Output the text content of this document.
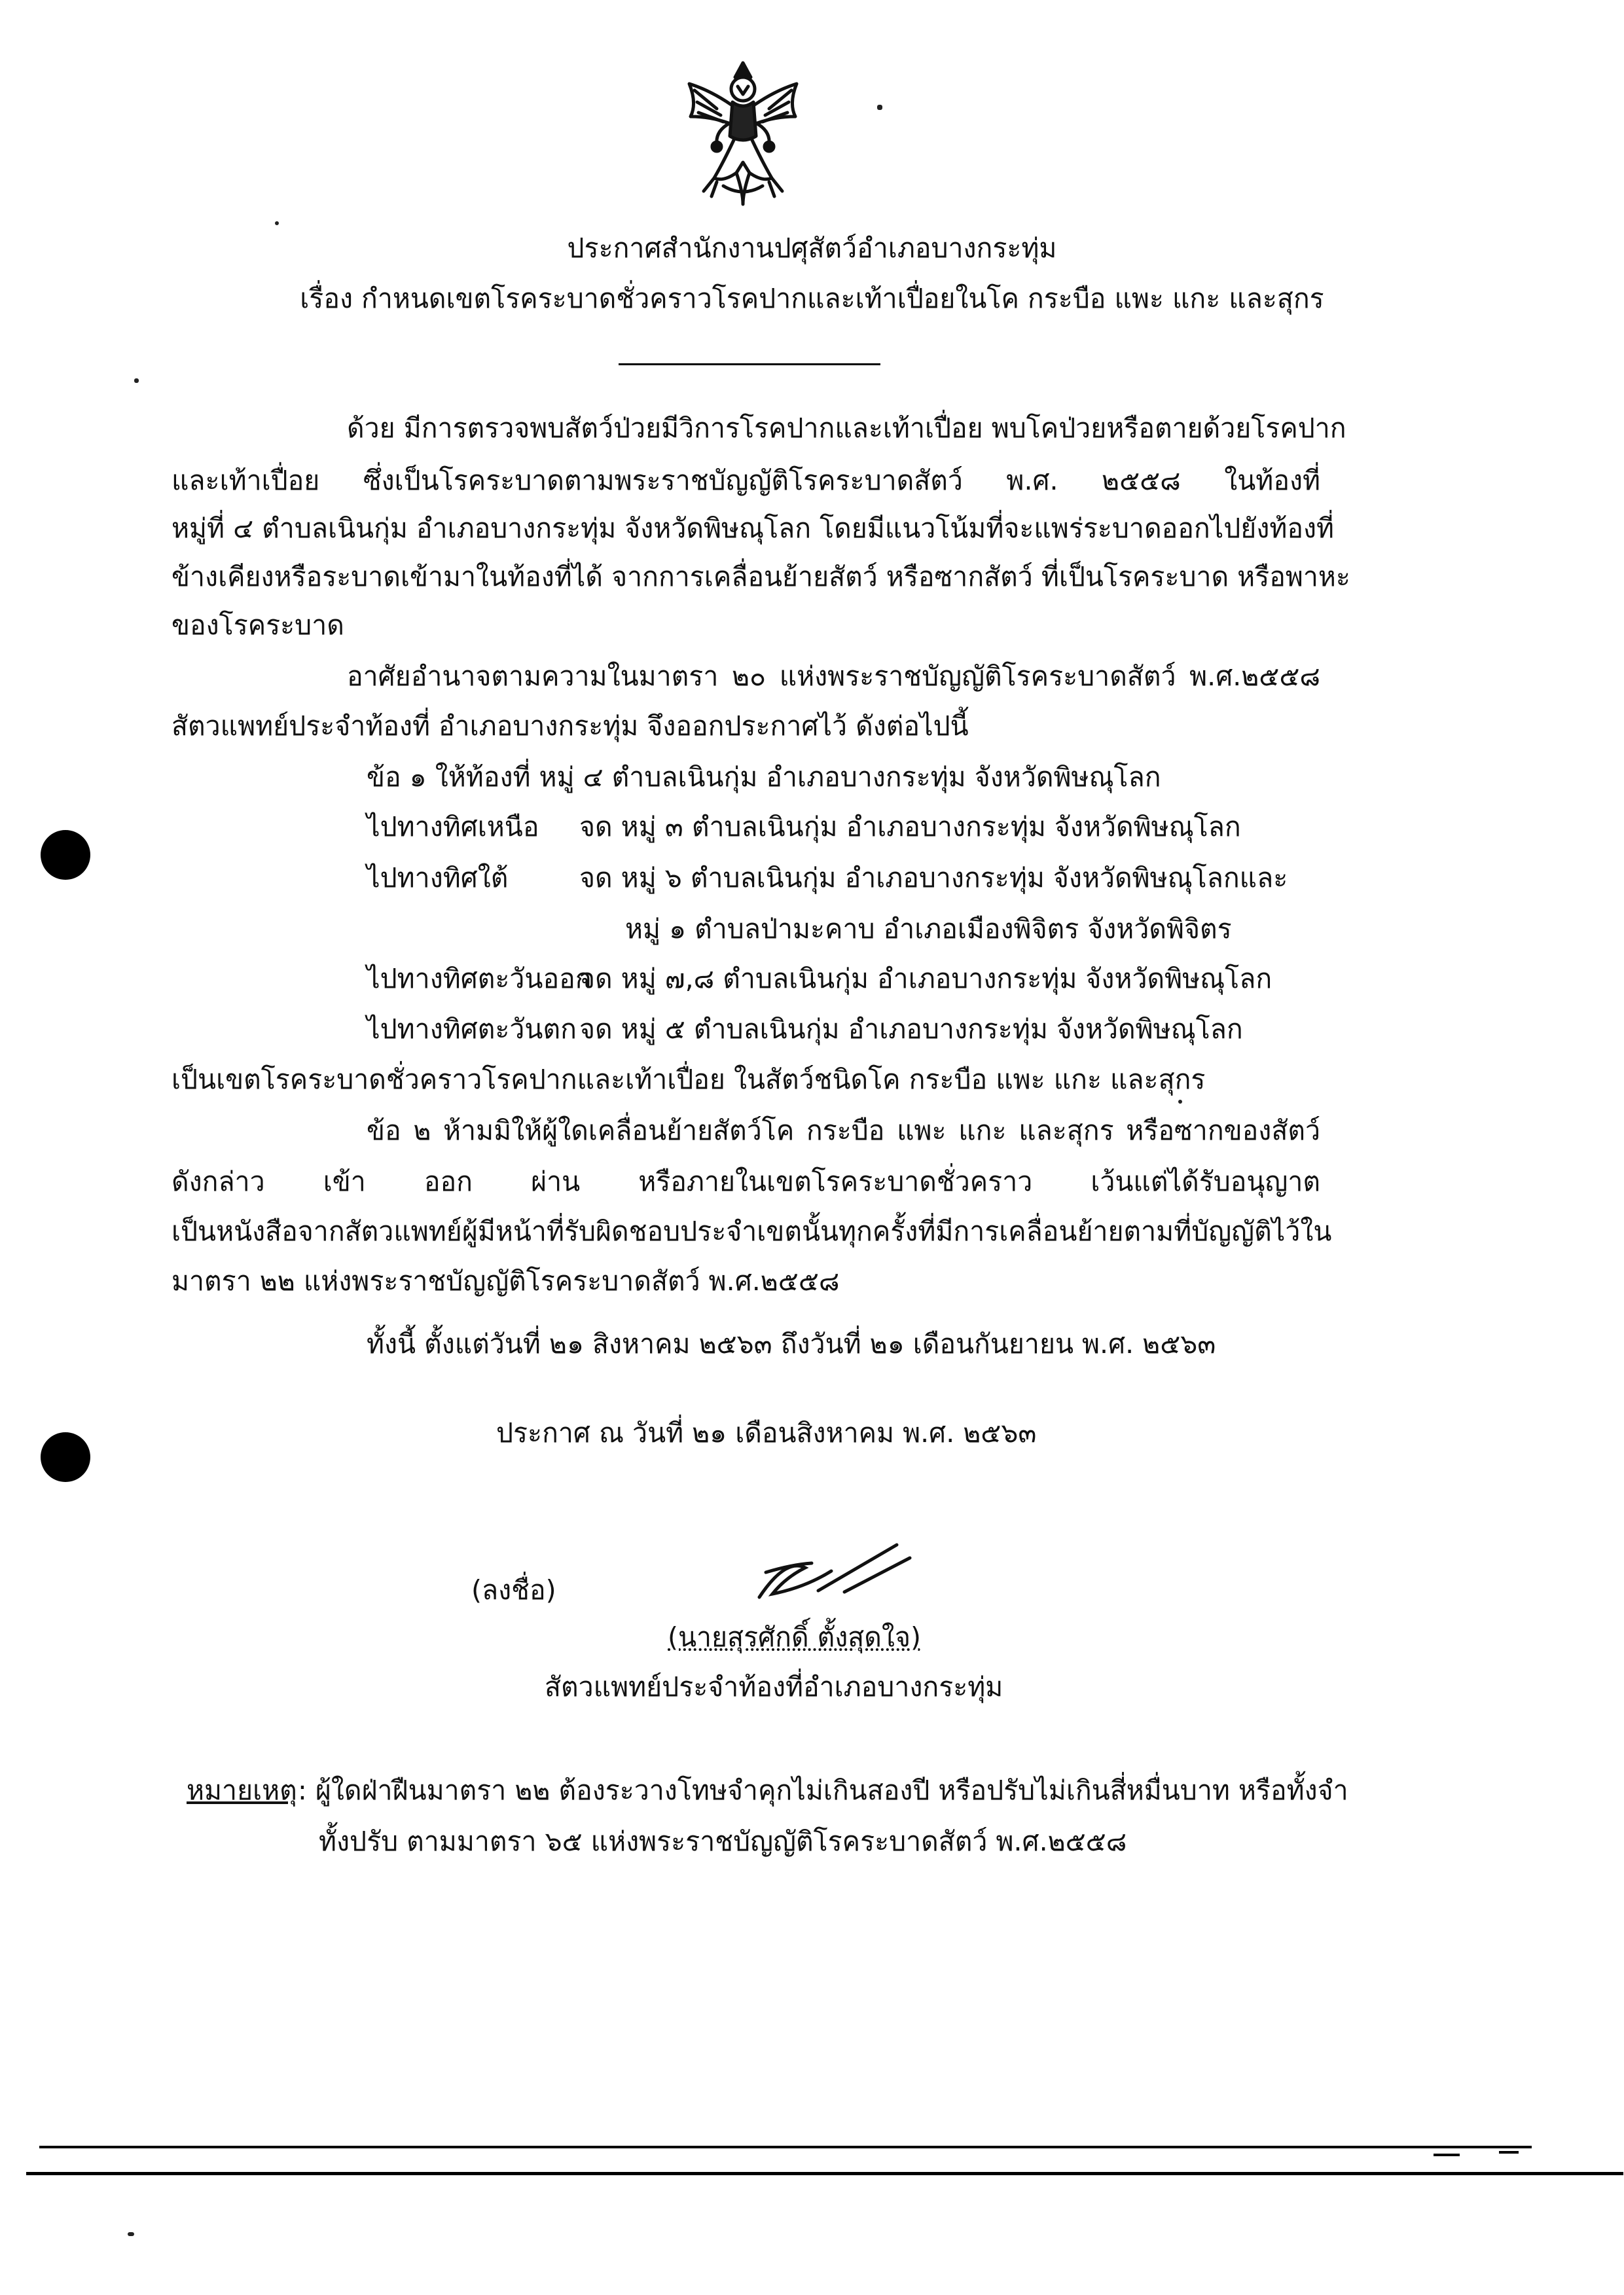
ประกาศสำนักงานปศุสัตว์อำเภอบางกระทุ่ม
เรื่อง กำหนดเขตโรคระบาดชั่วคราวโรคปากและเท้าเปื่อยในโค กระบือ แพะ แกะ และสุกร
ด้วย มีการตรวจพบสัตว์ป่วยมีวิการโรคปากและเท้าเปื่อย พบโคป่วยหรือตายด้วยโรคปาก
และเท้าเปื่อย ซึ่งเป็นโรคระบาดตามพระราชบัญญัติโรคระบาดสัตว์ พ.ศ. ๒๕๕๘ ในท้องที่
หมู่ที่ ๔ ตำบลเนินกุ่ม อำเภอบางกระทุ่ม จังหวัดพิษณุโลก โดยมีแนวโน้มที่จะแพร่ระบาดออกไปยังท้องที่
ข้างเคียงหรือระบาดเข้ามาในท้องที่ได้ จากการเคลื่อนย้ายสัตว์ หรือซากสัตว์ ที่เป็นโรคระบาด หรือพาหะ
ของโรคระบาด
อาศัยอำนาจตามความในมาตรา ๒๐ แห่งพระราชบัญญัติโรคระบาดสัตว์ พ.ศ.๒๕๕๘
สัตวแพทย์ประจำท้องที่ อำเภอบางกระทุ่ม จึงออกประกาศไว้ ดังต่อไปนี้
ข้อ ๑ ให้ท้องที่ หมู่ ๔ ตำบลเนินกุ่ม อำเภอบางกระทุ่ม จังหวัดพิษณุโลก
ไปทางทิศเหนือ จด หมู่ ๓ ตำบลเนินกุ่ม อำเภอบางกระทุ่ม จังหวัดพิษณุโลก
ไปทางทิศใต้	จด หมู่ ๖ ตำบลเนินกุ่ม อำเภอบางกระทุ่ม จังหวัดพิษณุโลกและ
หมู่ ๑ ตำบลป่ามะคาบ อำเภอเมืองพิจิตร จังหวัดพิจิตร
ไปทางทิศตะวันออก
จด หมู่ ๗,๘ ตำบลเนินกุ่ม อำเภอบางกระทุ่ม จังหวัดพิษณุโลก
ไปทางทิศตะวันตก จด หมู่ ๕ ตำบลเนินกุ่ม อำเภอบางกระทุ่ม จังหวัดพิษณุโลก
เป็นเขตโรคระบาดชั่วคราวโรคปากและเท้าเปื่อย ในสัตว์ชนิดโค กระบือ แพะ แกะ และสุกร
ข้อ ๒ ห้ามมิให้ผู้ใดเคลื่อนย้ายสัตว์โค กระบือ แพะ แกะ และสุกร หรือซากของสัตว์
ดังกล่าว เข้า ออก ผ่าน หรือภายในเขตโรคระบาดชั่วคราว เว้นแต่ได้รับอนุญาต
เป็นหนังสือจากสัตวแพทย์ผู้มีหน้าที่รับผิดชอบประจำเขตนั้นทุกครั้งที่มีการเคลื่อนย้ายตามที่บัญญัติไว้ใน
มาตรา ๒๒ แห่งพระราชบัญญัติโรคระบาดสัตว์ พ.ศ.๒๕๕๘
ทั้งนี้ ตั้งแต่วันที่ ๒๑ สิงหาคม ๒๕๖๓ ถึงวันที่ ๒๑ เดือนกันยายน พ.ศ. ๒๕๖๓
ประกาศ ณ วันที่ ๒๑ เดือนสิงหาคม พ.ศ. ๒๕๖๓
(ลงชื่อ)
(นายสุรศักดิ์ ตั้งสุดใจ)
สัตวแพทย์ประจำท้องที่อำเภอบางกระทุ่ม
หมายเหตุ : ผู้ใดฝ่าฝืนมาตรา ๒๒ ต้องระวางโทษจำคุกไม่เกินสองปี หรือปรับไม่เกินสี่หมื่นบาท หรือทั้งจำ
ทั้งปรับ ตามมาตรา ๖๕ แห่งพระราชบัญญัติโรคระบาดสัตว์ พ.ศ.๒๕๕๘
